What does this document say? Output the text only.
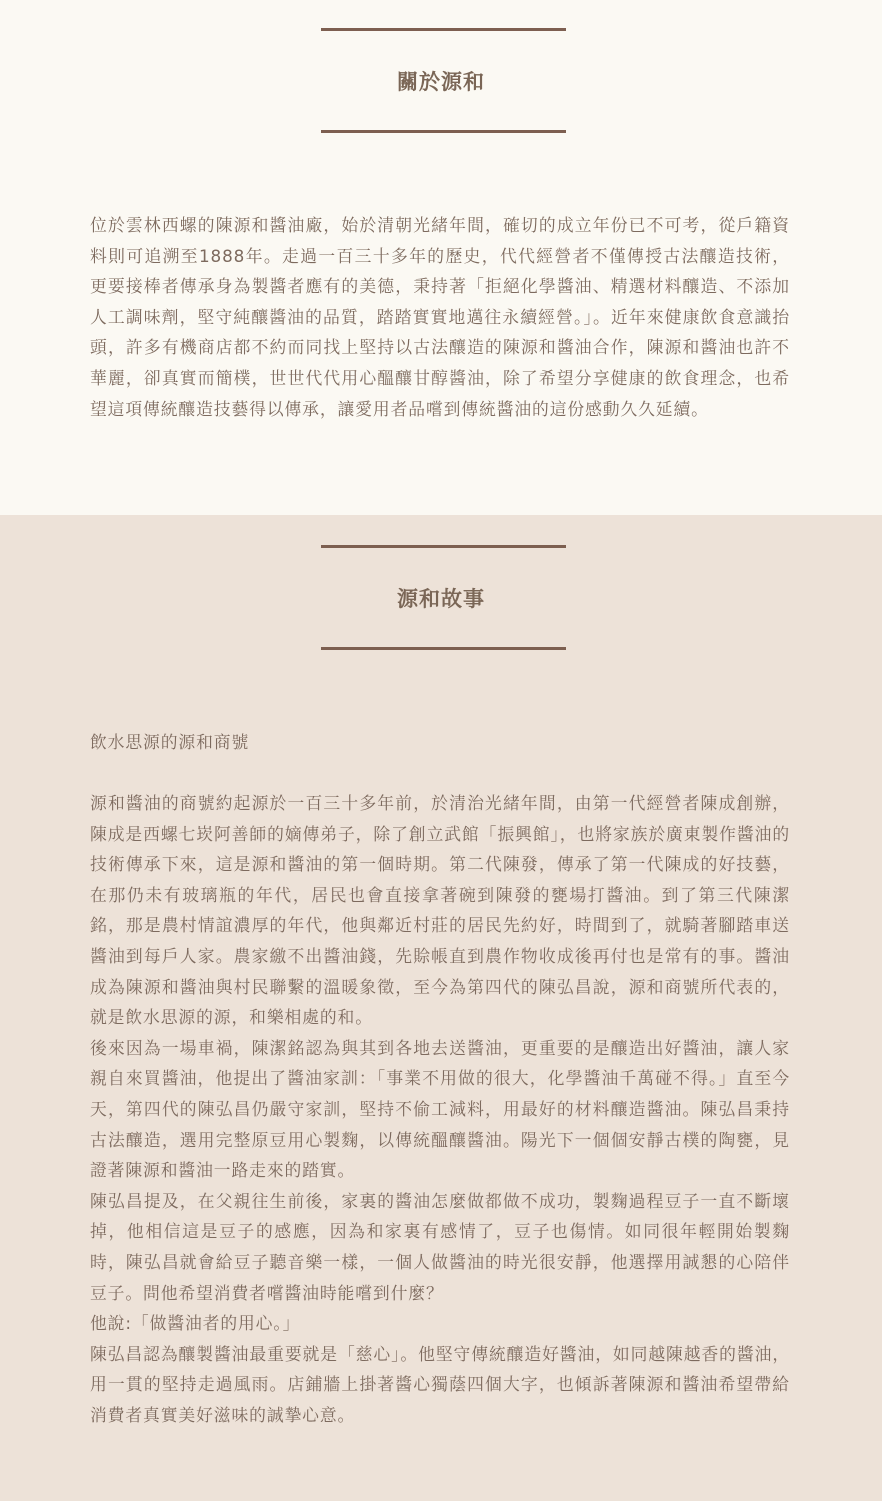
關於源和

位於雲林西螺的陳源和醬油廠，始於清朝光緒年間，確切的成立年份已不可考，從戶籍資料則可追溯至1888年。走過一百三十多年的歷史，代代經營者不僅傳授古法釀造技術，更要接棒者傳承身為製醬者應有的美德，秉持著「拒絕化學醬油、精選材料釀造、不添加人工調味劑，堅守純釀醬油的品質，踏踏實實地邁往永續經營。」。近年來健康飲食意識抬頭，許多有機商店都不約而同找上堅持以古法釀造的陳源和醬油合作，陳源和醬油也許不華麗，卻真實而簡樸，世世代代用心醞釀甘醇醬油，除了希望分享健康的飲食理念，也希望這項傳統釀造技藝得以傳承，讓愛用者品嚐到傳統醬油的這份感動久久延續。

源和故事

飲水思源的源和商號

源和醬油的商號約起源於一百三十多年前，於清治光緒年間，由第一代經營者陳成創辦，陳成是西螺七崁阿善師的嫡傳弟子，除了創立武館「振興館」，也將家族於廣東製作醬油的技術傳承下來，這是源和醬油的第一個時期。第二代陳發，傳承了第一代陳成的好技藝，在那仍未有玻璃瓶的年代，居民也會直接拿著碗到陳發的甕場打醬油。到了第三代陳潔銘，那是農村情誼濃厚的年代，他與鄰近村莊的居民先約好，時間到了，就騎著腳踏車送醬油到每戶人家。農家繳不出醬油錢，先賒帳直到農作物收成後再付也是常有的事。醬油成為陳源和醬油與村民聯繫的溫暖象徵，至今為第四代的陳弘昌說，源和商號所代表的，就是飲水思源的源，和樂相處的和。

後來因為一場車禍，陳潔銘認為與其到各地去送醬油，更重要的是釀造出好醬油，讓人家親自來買醬油，他提出了醬油家訓：「事業不用做的很大，化學醬油千萬碰不得。」直至今天，第四代的陳弘昌仍嚴守家訓，堅持不偷工減料，用最好的材料釀造醬油。陳弘昌秉持古法釀造，選用完整原豆用心製麴，以傳統醞釀醬油。陽光下一個個安靜古樸的陶甕，見證著陳源和醬油一路走來的踏實。

陳弘昌提及，在父親往生前後，家裏的醬油怎麼做都做不成功，製麴過程豆子一直不斷壞掉，他相信這是豆子的感應，因為和家裏有感情了，豆子也傷情。如同很年輕開始製麴時，陳弘昌就會給豆子聽音樂一樣，一個人做醬油的時光很安靜，他選擇用誠懇的心陪伴豆子。問他希望消費者嚐醬油時能嚐到什麼？

他說:「做醬油者的用心。」

陳弘昌認為釀製醬油最重要就是「慈心」。他堅守傳統釀造好醬油，如同越陳越香的醬油，用一貫的堅持走過風雨。店鋪牆上掛著醬心獨蔭四個大字，也傾訴著陳源和醬油希望帶給消費者真實美好滋味的誠摯心意。
